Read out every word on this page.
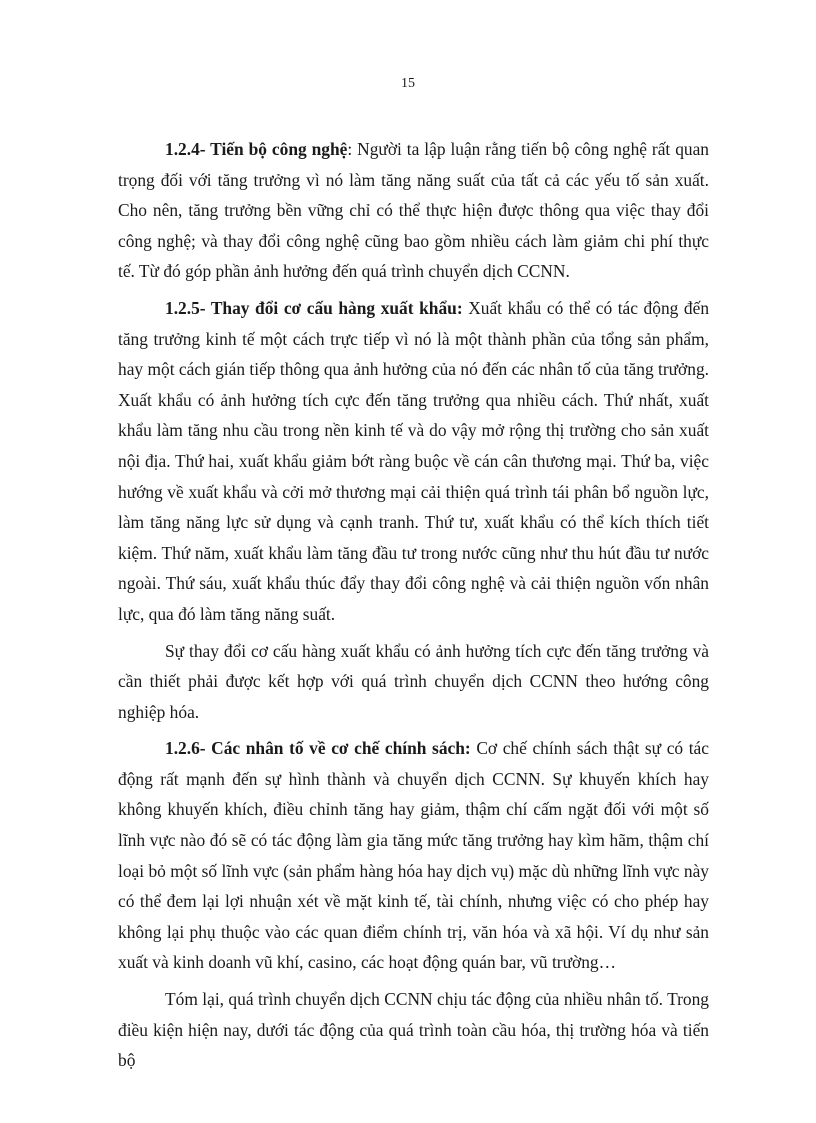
15

1.2.4- Tiến bộ công nghệ: Người ta lập luận rằng tiến bộ công nghệ rất quan trọng đối với tăng trưởng vì nó làm tăng năng suất của tất cả các yếu tố sản xuất. Cho nên, tăng trưởng bền vững chỉ có thể thực hiện được thông qua việc thay đổi công nghệ; và thay đổi công nghệ cũng bao gồm nhiều cách làm giảm chi phí thực tế. Từ đó góp phần ảnh hưởng đến quá trình chuyển dịch CCNN.

1.2.5- Thay đổi cơ cấu hàng xuất khẩu: Xuất khẩu có thể có tác động đến tăng trưởng kinh tế một cách trực tiếp vì nó là một thành phần của tổng sản phẩm, hay một cách gián tiếp thông qua ảnh hưởng của nó đến các nhân tố của tăng trưởng. Xuất khẩu có ảnh hưởng tích cực đến tăng trưởng qua nhiều cách. Thứ nhất, xuất khẩu làm tăng nhu cầu trong nền kinh tế và do vậy mở rộng thị trường cho sản xuất nội địa. Thứ hai, xuất khẩu giảm bớt ràng buộc về cán cân thương mại. Thứ ba, việc hướng về xuất khẩu và cởi mở thương mại cải thiện quá trình tái phân bổ nguồn lực, làm tăng năng lực sử dụng và cạnh tranh. Thứ tư, xuất khẩu có thể kích thích tiết kiệm. Thứ năm, xuất khẩu làm tăng đầu tư trong nước cũng như thu hút đầu tư nước ngoài. Thứ sáu, xuất khẩu thúc đẩy thay đổi công nghệ và cải thiện nguồn vốn nhân lực, qua đó làm tăng năng suất.

Sự thay đổi cơ cấu hàng xuất khẩu có ảnh hưởng tích cực đến tăng trưởng và cần thiết phải được kết hợp với quá trình chuyển dịch CCNN theo hướng công nghiệp hóa.

1.2.6- Các nhân tố về cơ chế chính sách: Cơ chế chính sách thật sự có tác động rất mạnh đến sự hình thành và chuyển dịch CCNN. Sự khuyến khích hay không khuyến khích, điều chỉnh tăng hay giảm, thậm chí cấm ngặt đối với một số lĩnh vực nào đó sẽ có tác động làm gia tăng mức tăng trưởng hay kìm hãm, thậm chí loại bỏ một số lĩnh vực (sản phẩm hàng hóa hay dịch vụ) mặc dù những lĩnh vực này có thể đem lại lợi nhuận xét về mặt kinh tế, tài chính, nhưng việc có cho phép hay không lại phụ thuộc vào các quan điểm chính trị, văn hóa và xã hội. Ví dụ như sản xuất và kinh doanh vũ khí, casino, các hoạt động quán bar, vũ trường…

Tóm lại, quá trình chuyển dịch CCNN chịu tác động của nhiều nhân tố. Trong điều kiện hiện nay, dưới tác động của quá trình toàn cầu hóa, thị trường hóa và tiến bộ
